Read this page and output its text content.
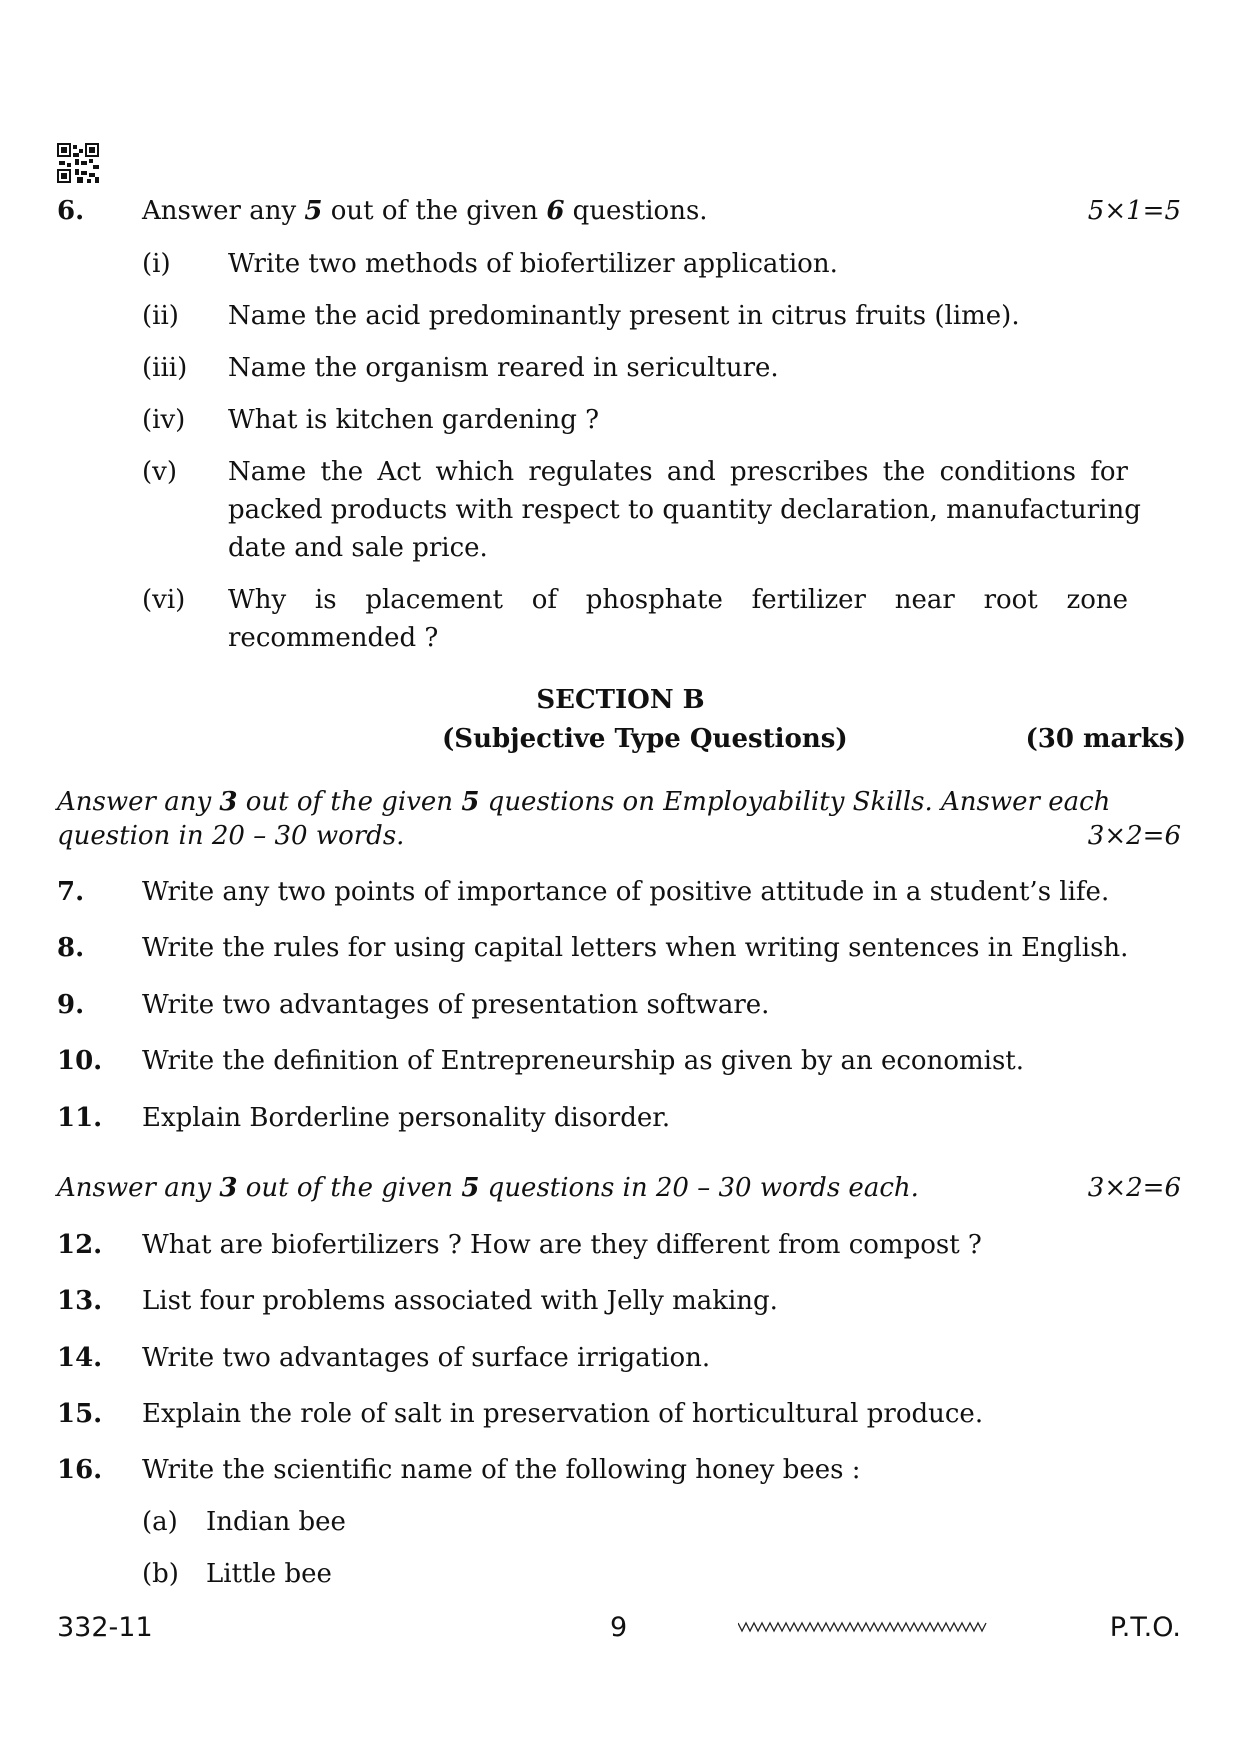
6. Answer any 5 out of the given 6 questions.	5×1=5
(i) Write two methods of biofertilizer application.
(ii) Name the acid predominantly present in citrus fruits (lime).
(iii) Name the organism reared in sericulture.
(iv) What is kitchen gardening ?
(v) Name the Act which regulates and prescribes the conditions for
packed products with respect to quantity declaration, manufacturing
date and sale price.
(vi) Why is placement of phosphate fertilizer near root zone
recommended ?
SECTION B
(Subjective Type Questions)	(30 marks)
Answer any 3 out of the given 5 questions on Employability Skills. Answer each
question in 20 – 30 words.	3×2=6
7. Write any two points of importance of positive attitude in a student’s life.
8. Write the rules for using capital letters when writing sentences in English.
9. Write two advantages of presentation software.
10. Write the definition of Entrepreneurship as given by an economist.
11. Explain Borderline personality disorder.
Answer any 3 out of the given 5 questions in 20 – 30 words each.	3×2=6
12. What are biofertilizers ? How are they different from compost ?
13. List four problems associated with Jelly making.
14. Write two advantages of surface irrigation.
15. Explain the role of salt in preservation of horticultural produce.
16. Write the scientific name of the following honey bees :
(a) Indian bee
(b) Little bee
332-11	9	P.T.O.
